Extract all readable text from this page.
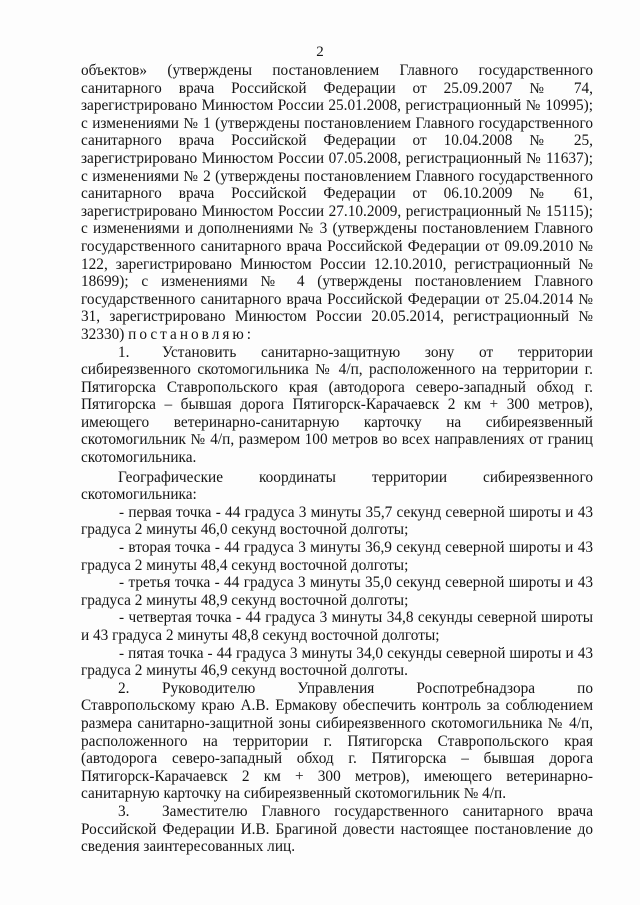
2

объектов» (утверждены постановлением Главного государственного санитарного врача Российской Федерации от 25.09.2007 № 74, зарегистрировано Минюстом России 25.01.2008, регистрационный № 10995); с изменениями № 1 (утверждены постановлением Главного государственного санитарного врача Российской Федерации от 10.04.2008 № 25, зарегистрировано Минюстом России 07.05.2008, регистрационный № 11637); с изменениями № 2 (утверждены постановлением Главного государственного санитарного врача Российской Федерации от 06.10.2009 № 61, зарегистрировано Минюстом России 27.10.2009, регистрационный № 15115); с изменениями и дополнениями № 3 (утверждены постановлением Главного государственного санитарного врача Российской Федерации от 09.09.2010 № 122, зарегистрировано Минюстом России 12.10.2010, регистрационный № 18699); с изменениями № 4 (утверждены постановлением Главного государственного санитарного врача Российской Федерации от 25.04.2014 № 31, зарегистрировано Минюстом России 20.05.2014, регистрационный № 32330) постановляю:

1. Установить санитарно-защитную зону от территории сибиреязвенного скотомогильника № 4/п, расположенного на территории г. Пятигорска Ставропольского края (автодорога северо-западный обход г. Пятигорска – бывшая дорога Пятигорск-Карачаевск 2 км + 300 метров), имеющего ветеринарно-санитарную карточку на сибиреязвенный скотомогильник № 4/п, размером 100 метров во всех направлениях от границ скотомогильника.

Географические координаты территории сибиреязвенного скотомогильника:

- первая точка - 44 градуса 3 минуты 35,7 секунд северной широты и 43 градуса 2 минуты 46,0 секунд восточной долготы;

- вторая точка - 44 градуса 3 минуты 36,9 секунд северной широты и 43 градуса 2 минуты 48,4 секунд восточной долготы;

- третья точка - 44 градуса 3 минуты 35,0 секунд северной широты и 43 градуса 2 минуты 48,9 секунд восточной долготы;

- четвертая точка - 44 градуса 3 минуты 34,8 секунды северной широты и 43 градуса 2 минуты 48,8 секунд восточной долготы;

- пятая точка - 44 градуса 3 минуты 34,0 секунды северной широты и 43 градуса 2 минуты 46,9 секунд восточной долготы.

2. Руководителю Управления Роспотребнадзора по Ставропольскому краю А.В. Ермакову обеспечить контроль за соблюдением размера санитарно-защитной зоны сибиреязвенного скотомогильника № 4/п, расположенного на территории г. Пятигорска Ставропольского края (автодорога северо-западный обход г. Пятигорска – бывшая дорога Пятигорск-Карачаевск 2 км + 300 метров), имеющего ветеринарно-санитарную карточку на сибиреязвенный скотомогильник № 4/п.

3. Заместителю Главного государственного санитарного врача Российской Федерации И.В. Брагиной довести настоящее постановление до сведения заинтересованных лиц.
